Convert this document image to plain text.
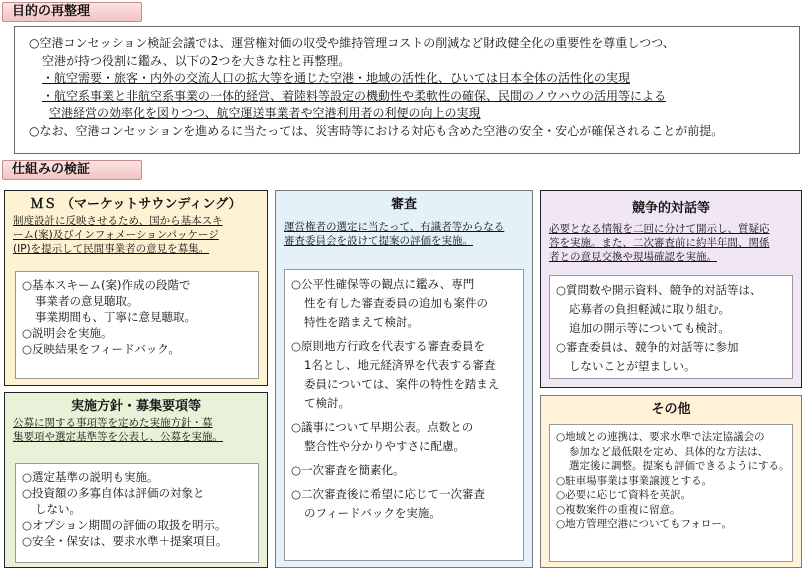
目的の再整理

○空港コンセッション検証会議では、運営権対価の収受や維持管理コストの削減など財政健全化の重要性を尊重しつつ、

空港が持つ役割に鑑み、以下の2つを大きな柱と再整理。

・航空需要・旅客・内外の交流人口の拡大等を通じた空港・地域の活性化、ひいては日本全体の活性化の実現

・航空系事業と非航空系事業の一体的経営、着陸料等設定の機動性や柔軟性の確保、民間のノウハウの活用等による

空港経営の効率化を図りつつ、航空運送事業者や空港利用者の利便の向上の実現

○なお、空港コンセッションを進めるに当たっては、災害時等における対応も含めた空港の安全・安心が確保されることが前提。

仕組みの検証
ＭＳ （マーケットサウンディング）

制度設計に反映させるため、国から基本スキ

ーム(案)及びインフォメーションパッケージ

(IP)を提示して民間事業者の意見を募集。

○基本スキーム(案)作成の段階で

事業者の意見聴取。

事業期間も、丁寧に意見聴取。

○説明会を実施。

○反映結果をフィードバック。

実施方針・募集要項等

公募に関する事項等を定めた実施方針・募

集要項や選定基準等を公表し、公募を実施。

○選定基準の説明も実施。

○投資額の多寡自体は評価の対象と

しない。

○オプション期間の評価の取扱を明示。

○安全・保安は、要求水準＋提案項目。

審査

運営権者の選定に当たって、有識者等からなる

審査委員会を設けて提案の評価を実施。

○公平性確保等の観点に鑑み、専門

性を有した審査委員の追加も案件の

特性を踏まえて検討。

○原則地方行政を代表する審査委員を

1名とし、地元経済界を代表する審査

委員については、案件の特性を踏まえ

て検討。

○議事について早期公表。点数との

整合性や分かりやすさに配慮。

○一次審査を簡素化。

○二次審査後に希望に応じて一次審査

のフィードバックを実施。

競争的対話等

必要となる情報を二回に分けて開示し、質疑応

答を実施。また、二次審査前に約半年間、関係

者との意見交換や現場確認を実施。

○質問数や開示資料、競争的対話等は、

応募者の負担軽減に取り組む。

追加の開示等についても検討。

○審査委員は、競争的対話等に参加

しないことが望ましい。

その他

○地域との連携は、要求水準で法定協議会の

参加など最低限を定め、具体的な方法は、

選定後に調整。提案も評価できるようにする。

○駐車場事業は事業譲渡とする。

○必要に応じて資料を英訳。

○複数案件の重複に留意。

○地方管理空港についてもフォロー。
